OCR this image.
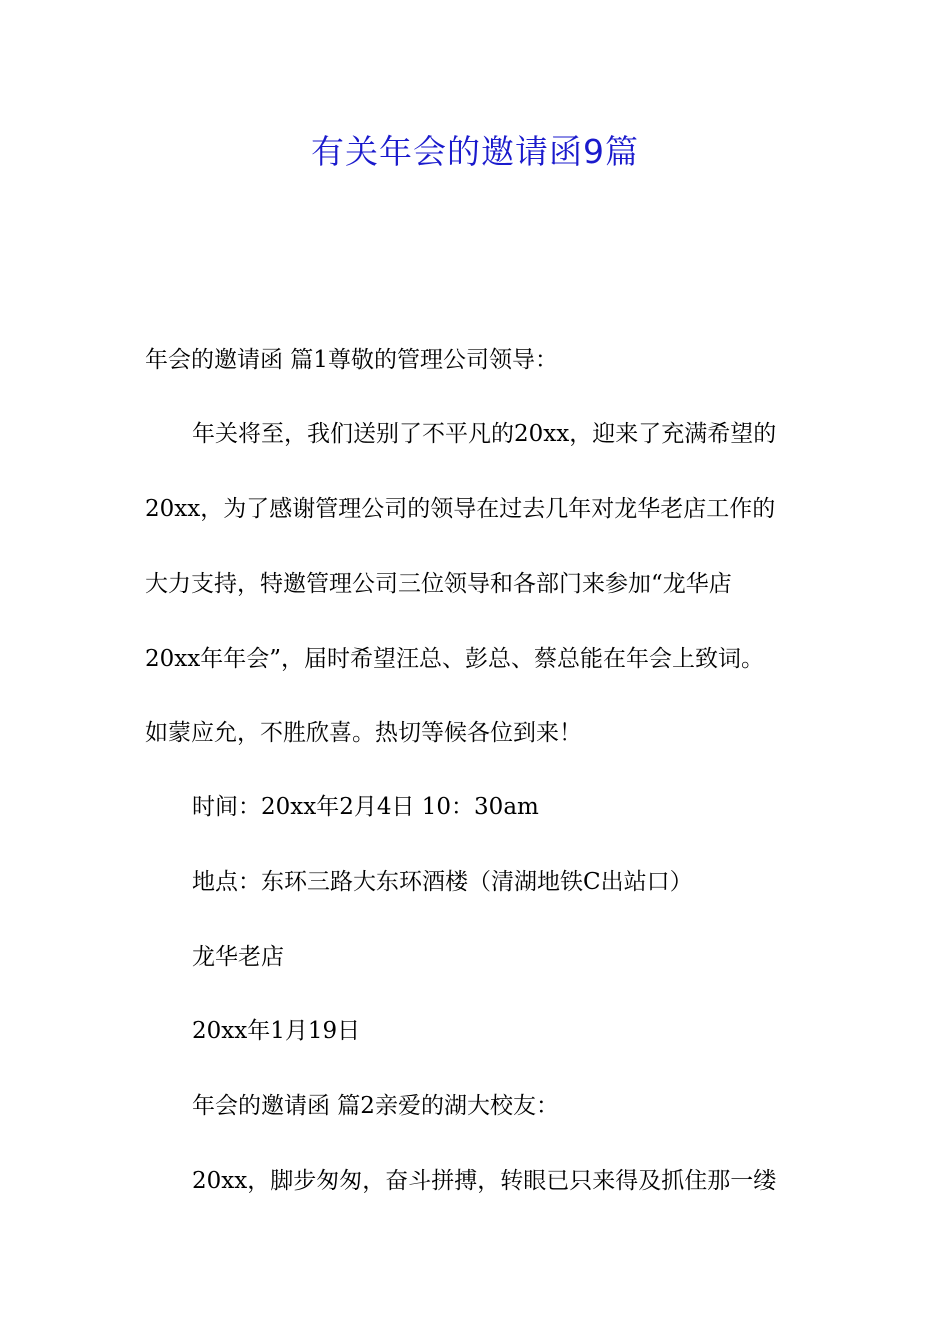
有关年会的邀请函9篇
年会的邀请函 篇1尊敬的管理公司领导：
年关将至，我们送别了不平凡的20xx，迎来了充满希望的
20xx，为了感谢管理公司的领导在过去几年对龙华老店工作的
大力支持，特邀管理公司三位领导和各部门来参加“龙华店
20xx年年会”，届时希望汪总、彭总、蔡总能在年会上致词。
如蒙应允，不胜欣喜。热切等候各位到来！
时间：20xx年2月4日 10：30am
地点：东环三路大东环酒楼（清湖地铁C出站口）
龙华老店
20xx年1月19日
年会的邀请函 篇2亲爱的湖大校友：
20xx，脚步匆匆，奋斗拼搏，转眼已只来得及抓住那一缕
